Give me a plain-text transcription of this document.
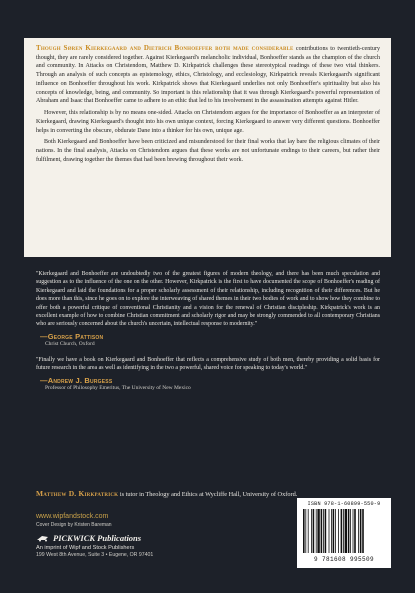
Though Søren Kierkegaard and Dietrich Bonhoeffer both made considerable contributions to twentieth-century thought, they are rarely considered together. Against Kierkegaard's melancholic individual, Bonhoeffer stands as the champion of the church and community. In Attacks on Christendom, Matthew D. Kirkpatrick challenges these stereotypical readings of these two vital thinkers. Through an analysis of such concepts as epistemology, ethics, Christology, and ecclesiology, Kirkpatrick reveals Kierkegaard's significant influence on Bonhoeffer throughout his work. Kirkpatrick shows that Kierkegaard underlies not only Bonhoeffer's spirituality but also his concepts of knowledge, being, and community. So important is this relationship that it was through Kierkegaard's powerful representation of Abraham and Isaac that Bonhoeffer came to adhere to an ethic that led to his involvement in the assassination attempts against Hitler.

However, this relationship is by no means one-sided. Attacks on Christendom argues for the importance of Bonhoeffer as an interpreter of Kierkegaard, drawing Kierkegaard's thought into his own unique context, forcing Kierkegaard to answer very different questions. Bonhoeffer helps in converting the obscure, obdurate Dane into a thinker for his own, unique age.

Both Kierkegaard and Bonhoeffer have been criticized and misunderstood for their final works that lay bare the religious climates of their nations. In the final analysis, Attacks on Christendom argues that these works are not unfortunate endings to their careers, but rather their fulfilment, drawing together the themes that had been brewing throughout their work.

"Kierkegaard and Bonhoeffer are undoubtedly two of the greatest figures of modern theology, and there has been much speculation and suggestion as to the influence of the one on the other. However, Kirkpatrick is the first to have documented the scope of Bonhoeffer's reading of Kierkegaard and laid the foundations for a proper scholarly assessment of their relationship, including recognition of their differences. But he does more than this, since he goes on to explore the interweaving of shared themes in their two bodies of work and to show how they combine to offer both a powerful critique of conventional Christianity and a vision for the renewal of Christian discipleship. Kirkpatrick's work is an excellent example of how to combine Christian commitment and scholarly rigor and may be strongly commended to all contemporary Christians who are seriously concerned about the church's uncertain, intellectual response to modernity."
—George Pattison
Christ Church, Oxford
"Finally we have a book on Kierkegaard and Bonhoeffer that reflects a comprehensive study of both men, thereby providing a solid basis for future research in the area as well as identifying in the two a powerful, shared voice for speaking to today's world."
—Andrew J. Burgess
Professor of Philosophy Emeritus, The University of New Mexico
Matthew D. Kirkpatrick is tutor in Theology and Ethics at Wycliffe Hall, University of Oxford.
www.wipfandstock.com
Cover Design by Kristen Bareman
PICKWICK Publications
An imprint of Wipf and Stock Publishers
199 West 8th Avenue, Suite 3 • Eugene, OR 97401
ISBN 978-1-60899-550-9
9 781608 995509
